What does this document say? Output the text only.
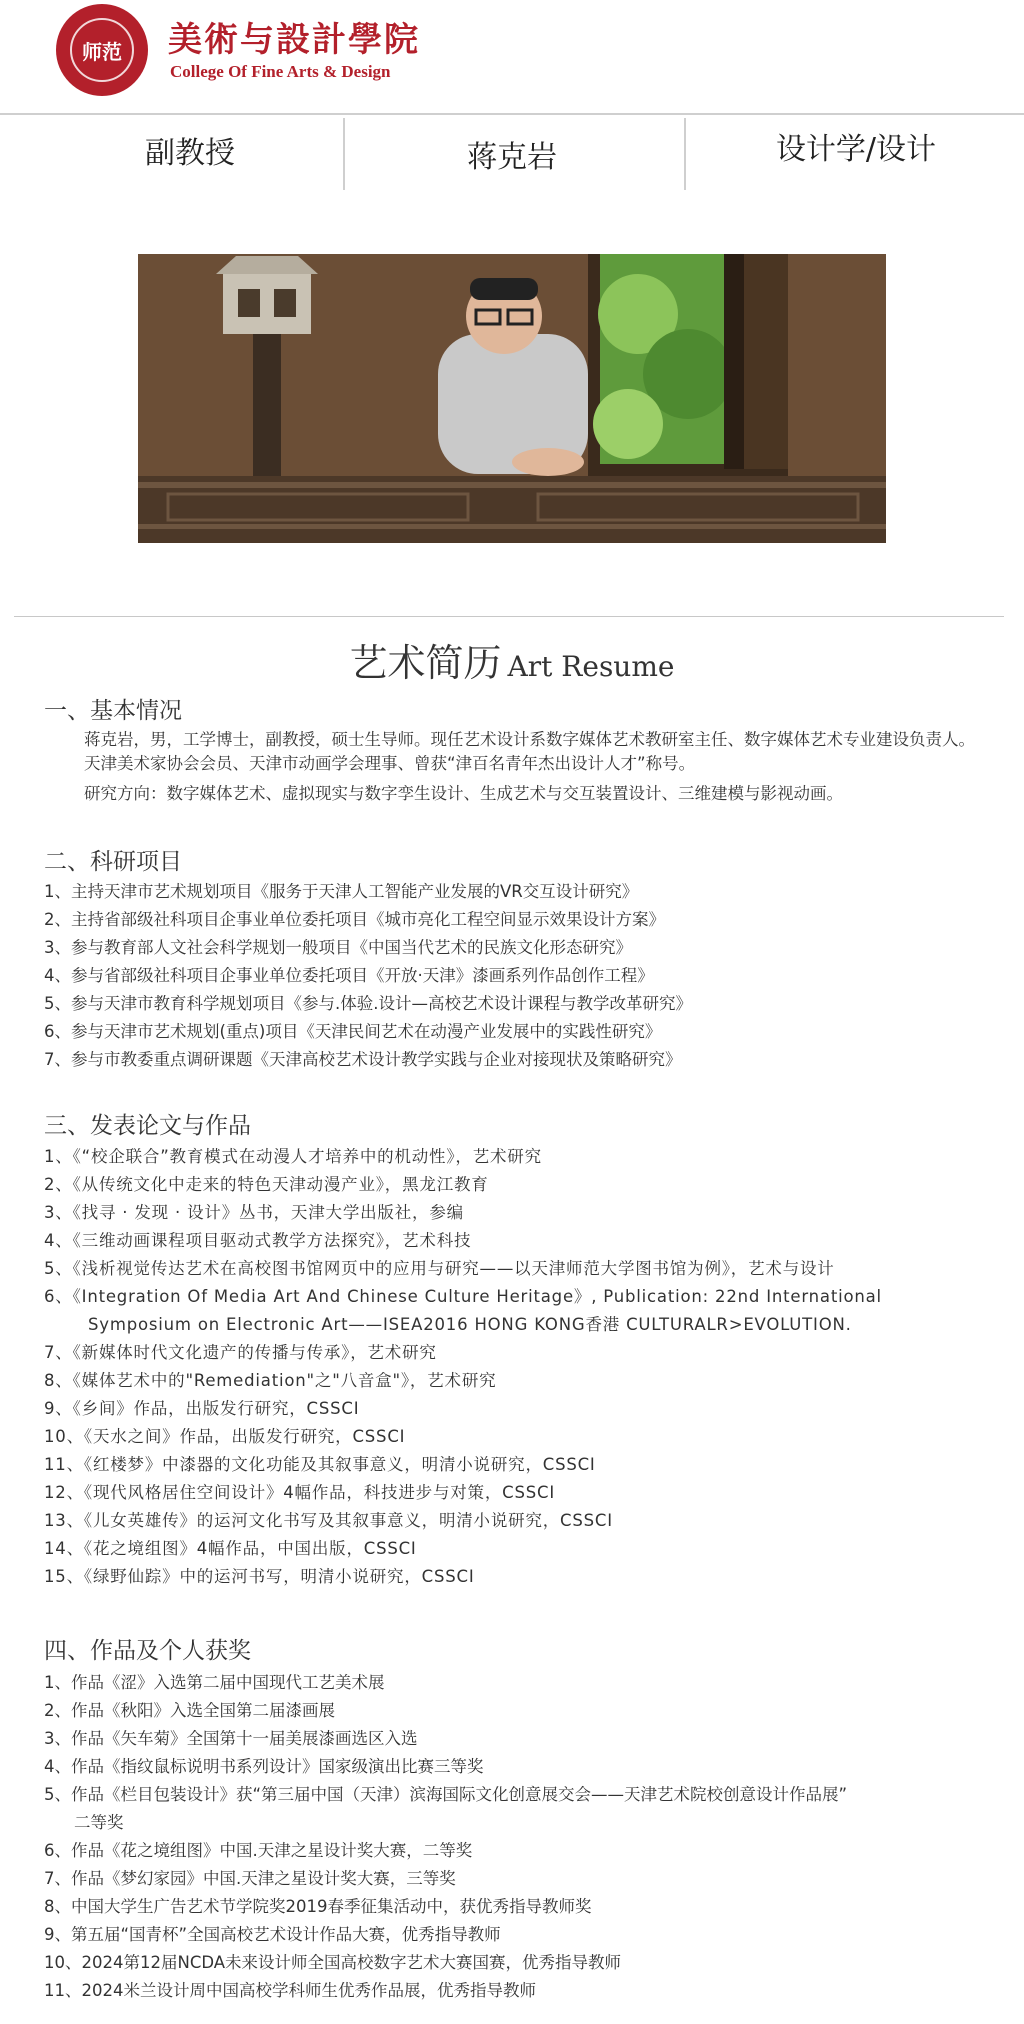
师范 美術与設計學院
College Of Fine Arts & Design
副教授	蒋克岩	设计学/设计
艺术简历 Art Resume
一、基本情况
蒋克岩，男，工学博士，副教授，硕士生导师。现任艺术设计系数字媒体艺术教研室主任、数字媒体艺术专业建设负责人。天津美术家协会会员、天津市动画学会理事、曾获“津百名青年杰出设计人才”称号。
研究方向：数字媒体艺术、虚拟现实与数字孪生设计、生成艺术与交互装置设计、三维建模与影视动画。
二、科研项目
1、主持天津市艺术规划项目《服务于天津人工智能产业发展的VR交互设计研究》
2、主持省部级社科项目企事业单位委托项目《城市亮化工程空间显示效果设计方案》
3、参与教育部人文社会科学规划一般项目《中国当代艺术的民族文化形态研究》
4、参与省部级社科项目企事业单位委托项目《开放·天津》漆画系列作品创作工程》
5、参与天津市教育科学规划项目《参与.体验.设计—高校艺术设计课程与教学改革研究》
6、参与天津市艺术规划(重点)项目《天津民间艺术在动漫产业发展中的实践性研究》
7、参与市教委重点调研课题《天津高校艺术设计教学实践与企业对接现状及策略研究》
三、发表论文与作品
1、《“校企联合”教育模式在动漫人才培养中的机动性》，艺术研究
2、《从传统文化中走来的特色天津动漫产业》，黑龙江教育
3、《找寻 · 发现 · 设计》丛书，天津大学出版社，参编
4、《三维动画课程项目驱动式教学方法探究》，艺术科技
5、《浅析视觉传达艺术在高校图书馆网页中的应用与研究——以天津师范大学图书馆为例》，艺术与设计
6、《Integration Of Media Art And Chinese Culture Heritage》, Publication: 22nd International
Symposium on Electronic Art——ISEA2016 HONG KONG香港 CULTURALR>EVOLUTION.
7、《新媒体时代文化遗产的传播与传承》，艺术研究
8、《媒体艺术中的"Remediation"之"八音盒"》，艺术研究
9、《乡间》作品，出版发行研究，CSSCI
10、《天水之间》作品，出版发行研究，CSSCI
11、《红楼梦》中漆器的文化功能及其叙事意义，明清小说研究，CSSCI
12、《现代风格居住空间设计》4幅作品，科技进步与对策，CSSCI
13、《儿女英雄传》的运河文化书写及其叙事意义，明清小说研究，CSSCI
14、《花之境组图》4幅作品，中国出版，CSSCI
15、《绿野仙踪》中的运河书写，明清小说研究，CSSCI
四、作品及个人获奖
1、作品《涩》入选第二届中国现代工艺美术展
2、作品《秋阳》入选全国第二届漆画展
3、作品《矢车菊》全国第十一届美展漆画选区入选
4、作品《指纹鼠标说明书系列设计》国家级演出比赛三等奖
5、作品《栏目包装设计》获“第三届中国（天津）滨海国际文化创意展交会——天津艺术院校创意设计作品展”
二等奖
6、作品《花之境组图》中国.天津之星设计奖大赛，二等奖
7、作品《梦幻家园》中国.天津之星设计奖大赛，三等奖
8、中国大学生广告艺术节学院奖2019春季征集活动中，获优秀指导教师奖
9、第五届“国青杯”全国高校艺术设计作品大赛，优秀指导教师
10、2024第12届NCDA未来设计师全国高校数字艺术大赛国赛，优秀指导教师
11、2024米兰设计周中国高校学科师生优秀作品展，优秀指导教师
